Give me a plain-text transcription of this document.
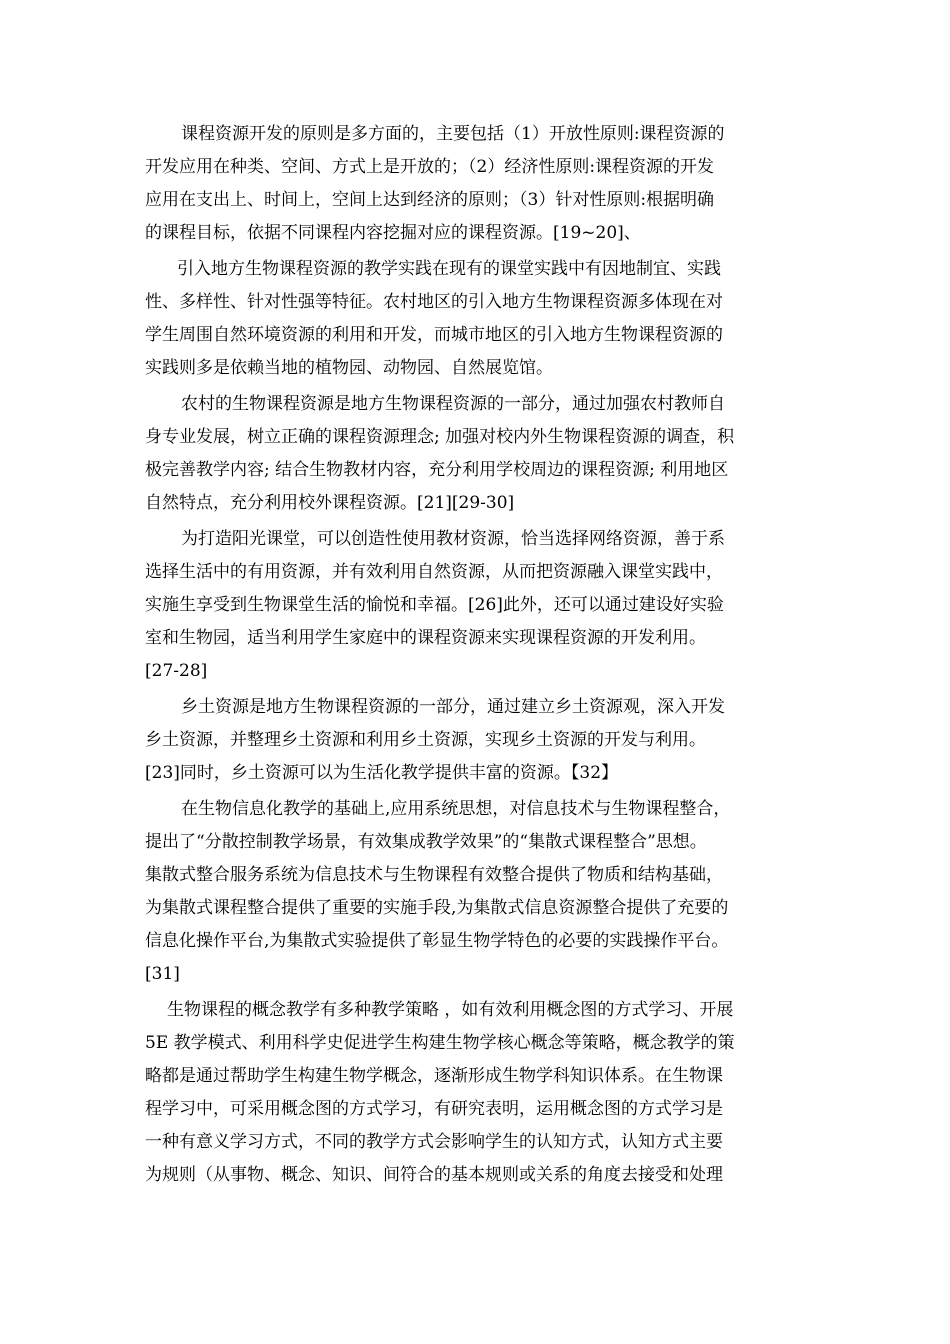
课程资源开发的原则是多方面的，主要包括（1）开放性原则:课程资源的
开发应用在种类、空间、方式上是开放的；（2）经济性原则:课程资源的开发
应用在支出上、时间上，空间上达到经济的原则；（3）针对性原则:根据明确
的课程目标，依据不同课程内容挖掘对应的课程资源。[19~20]、
引入地方生物课程资源的教学实践在现有的课堂实践中有因地制宜、实践
性、多样性、针对性强等特征。农村地区的引入地方生物课程资源多体现在对
学生周围自然环境资源的利用和开发，而城市地区的引入地方生物课程资源的
实践则多是依赖当地的植物园、动物园、自然展览馆。
农村的生物课程资源是地方生物课程资源的一部分，通过加强农村教师自
身专业发展，树立正确的课程资源理念; 加强对校内外生物课程资源的调查，积
极完善教学内容; 结合生物教材内容，充分利用学校周边的课程资源; 利用地区
自然特点，充分利用校外课程资源。[21][29-30]
为打造阳光课堂，可以创造性使用教材资源，恰当选择网络资源，善于系
选择生活中的有用资源，并有效利用自然资源，从而把资源融入课堂实践中，
实施生享受到生物课堂生活的愉悦和幸福。[26]此外，还可以通过建设好实验
室和生物园，适当利用学生家庭中的课程资源来实现课程资源的开发利用。
[27-28]
乡土资源是地方生物课程资源的一部分，通过建立乡土资源观，深入开发
乡土资源，并整理乡土资源和利用乡土资源，实现乡土资源的开发与利用。
[23]同时，乡土资源可以为生活化教学提供丰富的资源。【32】
在生物信息化教学的基础上,应用系统思想，对信息技术与生物课程整合，
提出了“分散控制教学场景，有效集成教学效果”的“集散式课程整合”思想。
集散式整合服务系统为信息技术与生物课程有效整合提供了物质和结构基础，
为集散式课程整合提供了重要的实施手段,为集散式信息资源整合提供了充要的
信息化操作平台,为集散式实验提供了彰显生物学特色的必要的实践操作平台。
[31]
生物课程的概念教学有多种教学策略 ，如有效利用概念图的方式学习、开展
5E 教学模式、利用科学史促进学生构建生物学核心概念等策略，概念教学的策
略都是通过帮助学生构建生物学概念，逐渐形成生物学科知识体系。在生物课
程学习中，可采用概念图的方式学习，有研究表明，运用概念图的方式学习是
一种有意义学习方式，不同的教学方式会影响学生的认知方式，认知方式主要
为规则（从事物、概念、知识、间符合的基本规则或关系的角度去接受和处理
